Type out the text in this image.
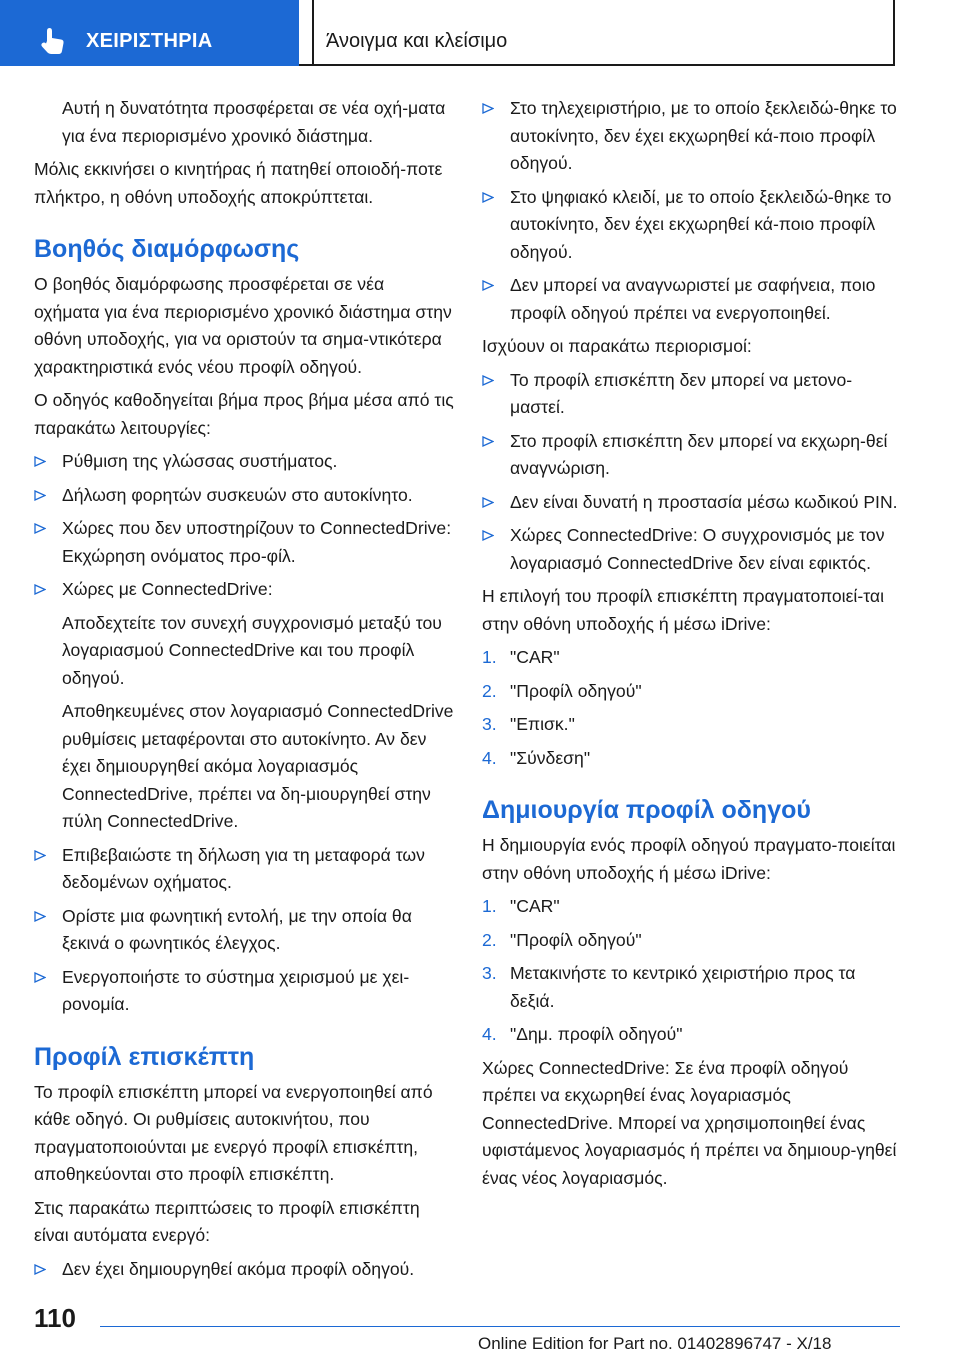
ΧΕΙΡΙΣΤΗΡΙΑ	Άνοιγμα και κλείσιμο

Αυτή η δυνατότητα προσφέρεται σε νέα οχή-ματα για ένα περιορισμένο χρονικό διάστημα.

Μόλις εκκινήσει ο κινητήρας ή πατηθεί οποιοδή-ποτε πλήκτρο, η οθόνη υποδοχής αποκρύπτεται.

Βοηθός διαμόρφωσης

Ο βοηθός διαμόρφωσης προσφέρεται σε νέα οχήματα για ένα περιορισμένο χρονικό διάστημα στην οθόνη υποδοχής, για να οριστούν τα σημα-ντικότερα χαρακτηριστικά ενός νέου προφίλ οδηγού.

Ο οδηγός καθοδηγείται βήμα προς βήμα μέσα από τις παρακάτω λειτουργίες:

Ρύθμιση της γλώσσας συστήματος.
Δήλωση φορητών συσκευών στο αυτοκίνητο.
Χώρες που δεν υποστηρίζουν το ConnectedDrive: Εκχώρηση ονόματος προ-φίλ.
Χώρες με ConnectedDrive:
Αποδεχτείτε τον συνεχή συγχρονισμό μεταξύ του λογαριασμού ConnectedDrive και του προφίλ οδηγού.
Αποθηκευμένες στον λογαριασμό ConnectedDrive ρυθμίσεις μεταφέρονται στο αυτοκίνητο. Αν δεν έχει δημιουργηθεί ακόμα λογαριασμός ConnectedDrive, πρέπει να δη-μιουργηθεί στην πύλη ConnectedDrive.
Επιβεβαιώστε τη δήλωση για τη μεταφορά των δεδομένων οχήματος.
Ορίστε μια φωνητική εντολή, με την οποία θα ξεκινά ο φωνητικός έλεγχος.
Ενεργοποιήστε το σύστημα χειρισμού με χει-ρονομία.
Προφίλ επισκέπτη

Το προφίλ επισκέπτη μπορεί να ενεργοποιηθεί από κάθε οδηγό. Οι ρυθμίσεις αυτοκινήτου, που πραγματοποιούνται με ενεργό προφίλ επισκέπτη, αποθηκεύονται στο προφίλ επισκέπτη.

Στις παρακάτω περιπτώσεις το προφίλ επισκέπτη είναι αυτόματα ενεργό:

Δεν έχει δημιουργηθεί ακόμα προφίλ οδηγού.
Στο τηλεχειριστήριο, με το οποίο ξεκλειδώ-θηκε το αυτοκίνητο, δεν έχει εκχωρηθεί κά-ποιο προφίλ οδηγού.
Στο ψηφιακό κλειδί, με το οποίο ξεκλειδώ-θηκε το αυτοκίνητο, δεν έχει εκχωρηθεί κά-ποιο προφίλ οδηγού.
Δεν μπορεί να αναγνωριστεί με σαφήνεια, ποιο προφίλ οδηγού πρέπει να ενεργοποιηθεί.

Ισχύουν οι παρακάτω περιορισμοί:

Το προφίλ επισκέπτη δεν μπορεί να μετονο-μαστεί.
Στο προφίλ επισκέπτη δεν μπορεί να εκχωρη-θεί αναγνώριση.
Δεν είναι δυνατή η προστασία μέσω κωδικού PIN.
Χώρες ConnectedDrive: Ο συγχρονισμός με τον λογαριασμό ConnectedDrive δεν είναι εφικτός.

Η επιλογή του προφίλ επισκέπτη πραγματοποιεί-ται στην οθόνη υποδοχής ή μέσω iDrive:

1. "CAR"
2. "Προφίλ οδηγού"
3. "Επισκ."
4. "Σύνδεση"
Δημιουργία προφίλ οδηγού

Η δημιουργία ενός προφίλ οδηγού πραγματο-ποιείται στην οθόνη υποδοχής ή μέσω iDrive:

1. "CAR"
2. "Προφίλ οδηγού"
3. Μετακινήστε το κεντρικό χειριστήριο προς τα δεξιά.
4. "Δημ. προφίλ οδηγού"

Χώρες ConnectedDrive: Σε ένα προφίλ οδηγού πρέπει να εκχωρηθεί ένας λογαριασμός ConnectedDrive. Μπορεί να χρησιμοποιηθεί ένας υφιστάμενος λογαριασμός ή πρέπει να δημιουρ-γηθεί ένας νέος λογαριασμός.

110
Online Edition for Part no. 01402896747 - X/18
